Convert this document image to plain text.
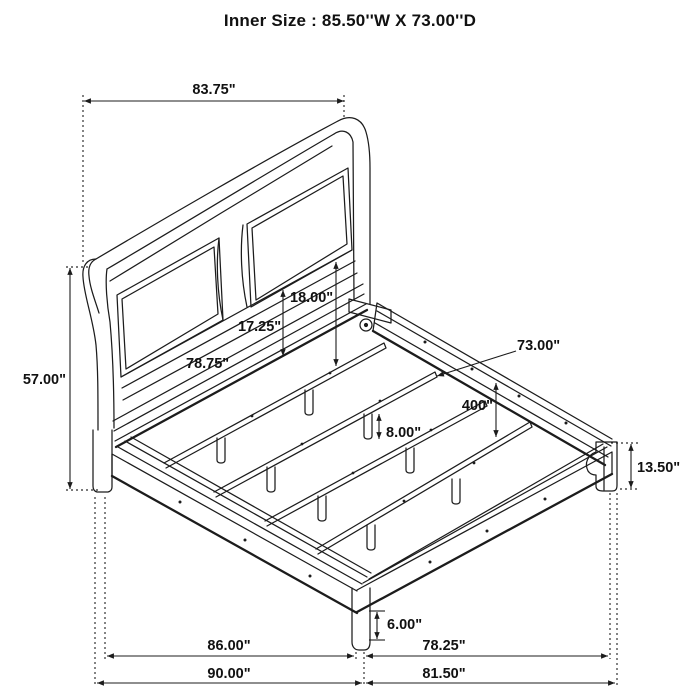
Inner Size : 85.50''W X 73.00''D
83.75"
57.00"
18.00"
17.25"
78.75"
73.00"
400"
8.00"
13.50"
6.00"
86.00"	78.25"
90.00"	81.50"
